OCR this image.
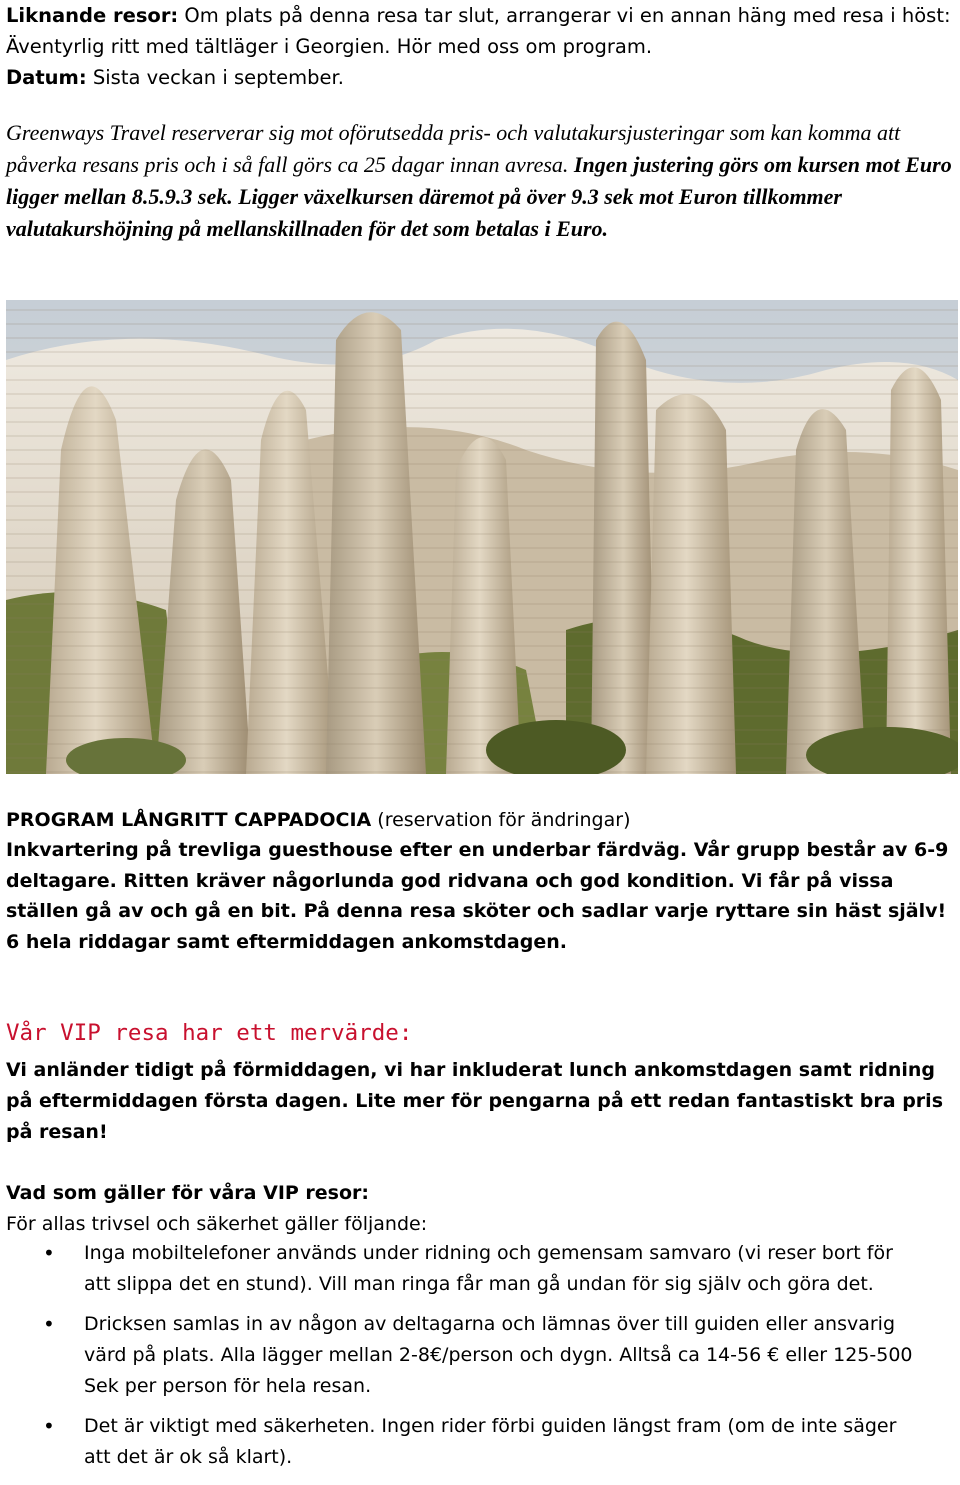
Liknande resor: Om plats på denna resa tar slut, arrangerar vi en annan häng med resa i höst: Äventyrlig ritt med tältläger i Georgien. Hör med oss om program.
Datum: Sista veckan i september.
Greenways Travel reserverar sig mot oförutsedda pris- och valutakursjusteringar som kan komma att påverka resans pris och i så fall görs ca 25 dagar innan avresa. Ingen justering görs om kursen mot Euro ligger mellan 8.5.9.3 sek. Ligger växelkursen däremot på över 9.3 sek mot Euron tillkommer valutakurshöjning på mellanskillnaden för det som betalas i Euro.
PROGRAM LÅNGRITT CAPPADOCIA (reservation för ändringar)
Inkvartering på trevliga guesthouse efter en underbar färdväg. Vår grupp består av 6-9 deltagare. Ritten kräver någorlunda god ridvana och god kondition. Vi får på vissa ställen gå av och gå en bit. På denna resa sköter och sadlar varje ryttare sin häst själv! 6 hela riddagar samt eftermiddagen ankomstdagen.
Vår VIP resa har ett mervärde:
Vi anländer tidigt på förmiddagen, vi har inkluderat lunch ankomstdagen samt ridning på eftermiddagen första dagen. Lite mer för pengarna på ett redan fantastiskt bra pris på resan!
Vad som gäller för våra VIP resor:
För allas trivsel och säkerhet gäller följande:
• Inga mobiltelefoner används under ridning och gemensam samvaro (vi reser bort för att slippa det en stund). Vill man ringa får man gå undan för sig själv och göra det.
• Dricksen samlas in av någon av deltagarna och lämnas över till guiden eller ansvarig värd på plats. Alla lägger mellan 2-8€/person och dygn. Alltså ca 14-56 € eller 125-500 Sek per person för hela resan.
• Det är viktigt med säkerheten. Ingen rider förbi guiden längst fram (om de inte säger att det är ok så klart).
